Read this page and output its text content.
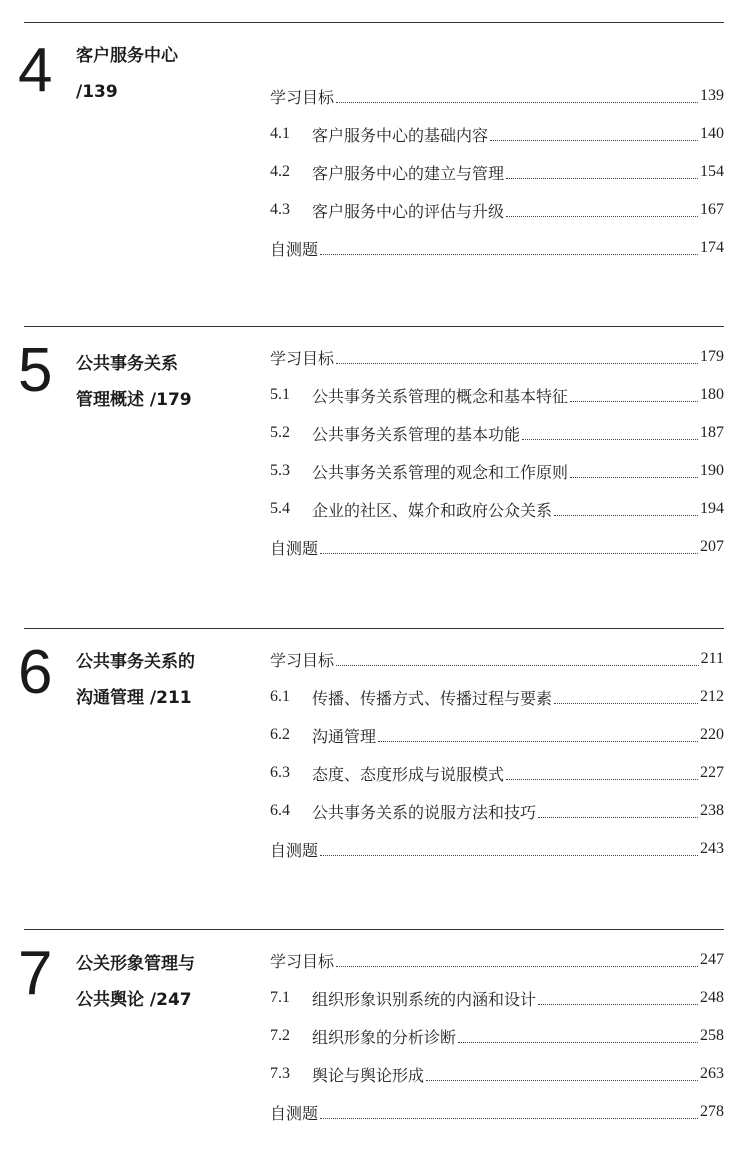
4 客户服务中心
/139	学习目标	139
4.1	客户服务中心的基础内容	140
4.2	客户服务中心的建立与管理	154
4.3	客户服务中心的评估与升级	167
自测题	174
5 公共事务关系
管理概述 /179
学习目标	179
5.1	公共事务关系管理的概念和基本特征	180
5.2	公共事务关系管理的基本功能	187
5.3	公共事务关系管理的观念和工作原则	190
5.4	企业的社区、媒介和政府公众关系	194
自测题	207
6 公共事务关系的
沟通管理 /211
学习目标	211
6.1	传播、传播方式、传播过程与要素	212
6.2	沟通管理	220
6.3	态度、态度形成与说服模式	227
6.4	公共事务关系的说服方法和技巧	238
自测题	243
7 公关形象管理与
公共舆论 /247
学习目标	247
7.1	组织形象识别系统的内涵和设计	248
7.2	组织形象的分析诊断	258
7.3	舆论与舆论形成	263
自测题	278
